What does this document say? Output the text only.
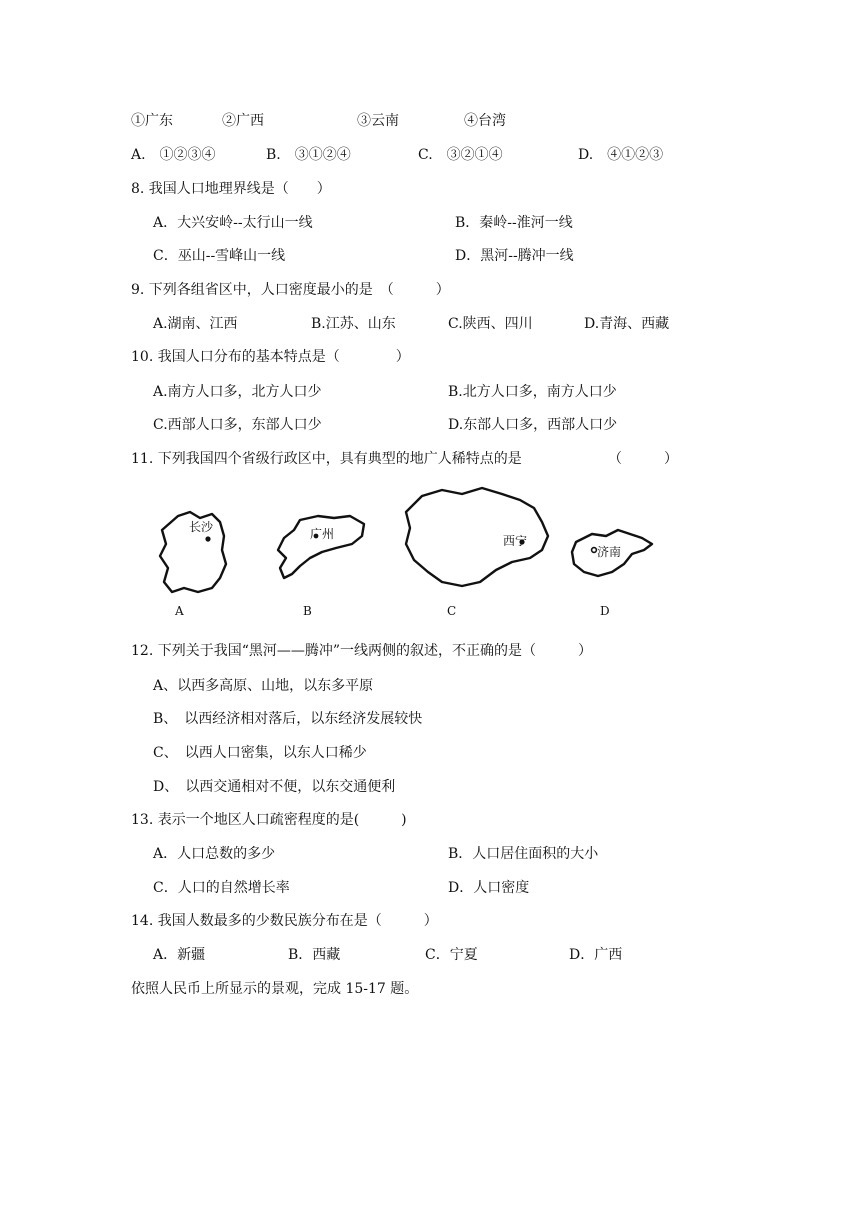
①广东	②广西	③云南	④台湾
A.　①②③④	B.　③①②④	C.　③②①④	D.　④①②③
8. 我国人口地理界线是（　　）
A．大兴安岭--太行山一线	B．秦岭--淮河一线
C．巫山--雪峰山一线	D．黑河--腾冲一线
9. 下列各组省区中，人口密度最小的是　（　　　）
A.湖南、江西	B.江苏、山东	C.陕西、四川	D.青海、西藏
10. 我国人口分布的基本特点是（　　　　）
A.南方人口多，北方人口少	B.北方人口多，南方人口少
C.西部人口多，东部人口少	D.东部人口多，西部人口少
11. 下列我国四个省级行政区中，具有典型的地广人稀特点的是	（　　　）
长沙
A
广州
B
西宁
C
济南
D
12. 下列关于我国“黑河——腾冲”一线两侧的叙述，不正确的是（　　　）
A、以西多高原、山地，以东多平原
B、　以西经济相对落后，以东经济发展较快
C、　以西人口密集，以东人口稀少
D、　以西交通相对不便，以东交通便利
13. 表示一个地区人口疏密程度的是(　　　)
A．人口总数的多少	B．人口居住面积的大小
C．人口的自然增长率	D．人口密度
14. 我国人数最多的少数民族分布在是（　　　）
A．新疆	B．西藏	C．宁夏	D．广西
依照人民币上所显示的景观，完成 15-17 题。
